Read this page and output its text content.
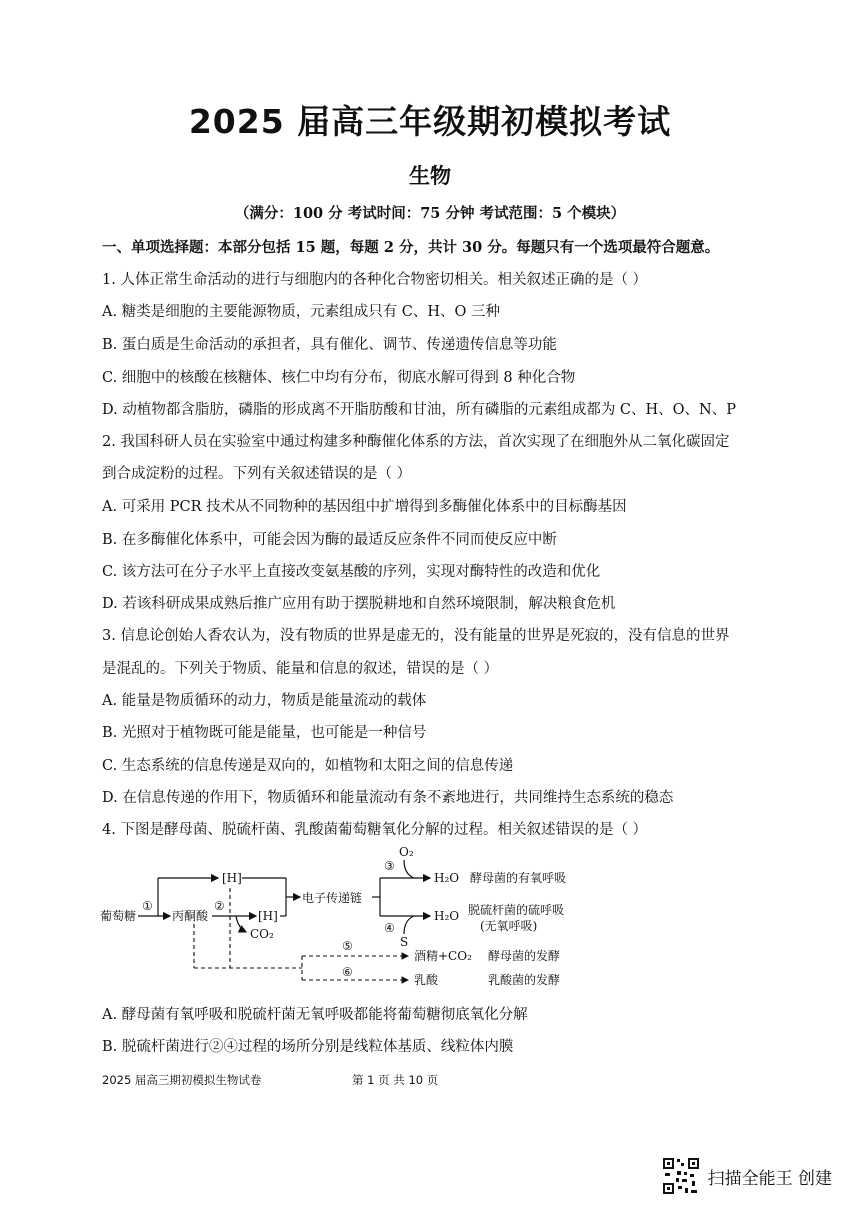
2025 届高三年级期初模拟考试
生物
（满分：100 分 考试时间：75 分钟 考试范围：5 个模块）
一、单项选择题：本部分包括 15 题，每题 2 分，共计 30 分。每题只有一个选项最符合题意。
1. 人体正常生命活动的进行与细胞内的各种化合物密切相关。相关叙述正确的是（ ）
A. 糖类是细胞的主要能源物质，元素组成只有 C、H、O 三种
B. 蛋白质是生命活动的承担者，具有催化、调节、传递遗传信息等功能
C. 细胞中的核酸在核糖体、核仁中均有分布，彻底水解可得到 8 种化合物
D. 动植物都含脂肪，磷脂的形成离不开脂肪酸和甘油，所有磷脂的元素组成都为 C、H、O、N、P
2. 我国科研人员在实验室中通过构建多种酶催化体系的方法，首次实现了在细胞外从二氧化碳固定
到合成淀粉的过程。下列有关叙述错误的是（ ）
A. 可采用 PCR 技术从不同物种的基因组中扩增得到多酶催化体系中的目标酶基因
B. 在多酶催化体系中，可能会因为酶的最适反应条件不同而使反应中断
C. 该方法可在分子水平上直接改变氨基酸的序列，实现对酶特性的改造和优化
D. 若该科研成果成熟后推广应用有助于摆脱耕地和自然环境限制，解决粮食危机
3. 信息论创始人香农认为，没有物质的世界是虚无的，没有能量的世界是死寂的，没有信息的世界
是混乱的。下列关于物质、能量和信息的叙述，错误的是（ ）
A. 能量是物质循环的动力，物质是能量流动的载体
B. 光照对于植物既可能是能量，也可能是一种信号
C. 生态系统的信息传递是双向的，如植物和太阳之间的信息传递
D. 在信息传递的作用下，物质循环和能量流动有条不紊地进行，共同维持生态系统的稳态
4. 下图是酵母菌、脱硫杆菌、乳酸菌葡萄糖氧化分解的过程。相关叙述错误的是（ ）
葡萄糖
①
[H]
丙酮酸
②
[H]
CO₂
电子传递链
③
O₂
④
S
H₂O
H₂O
酵母菌的有氧呼吸
脱硫杆菌的硫呼吸
(无氧呼吸)
⑤
⑥
酒精+CO₂ 酵母菌的发酵
乳酸	乳酸菌的发酵
A. 酵母菌有氧呼吸和脱硫杆菌无氧呼吸都能将葡萄糖彻底氧化分解
B. 脱硫杆菌进行②④过程的场所分别是线粒体基质、线粒体内膜
2025 届高三期初模拟生物试卷	第 1 页 共 10 页
扫描全能王 创建
